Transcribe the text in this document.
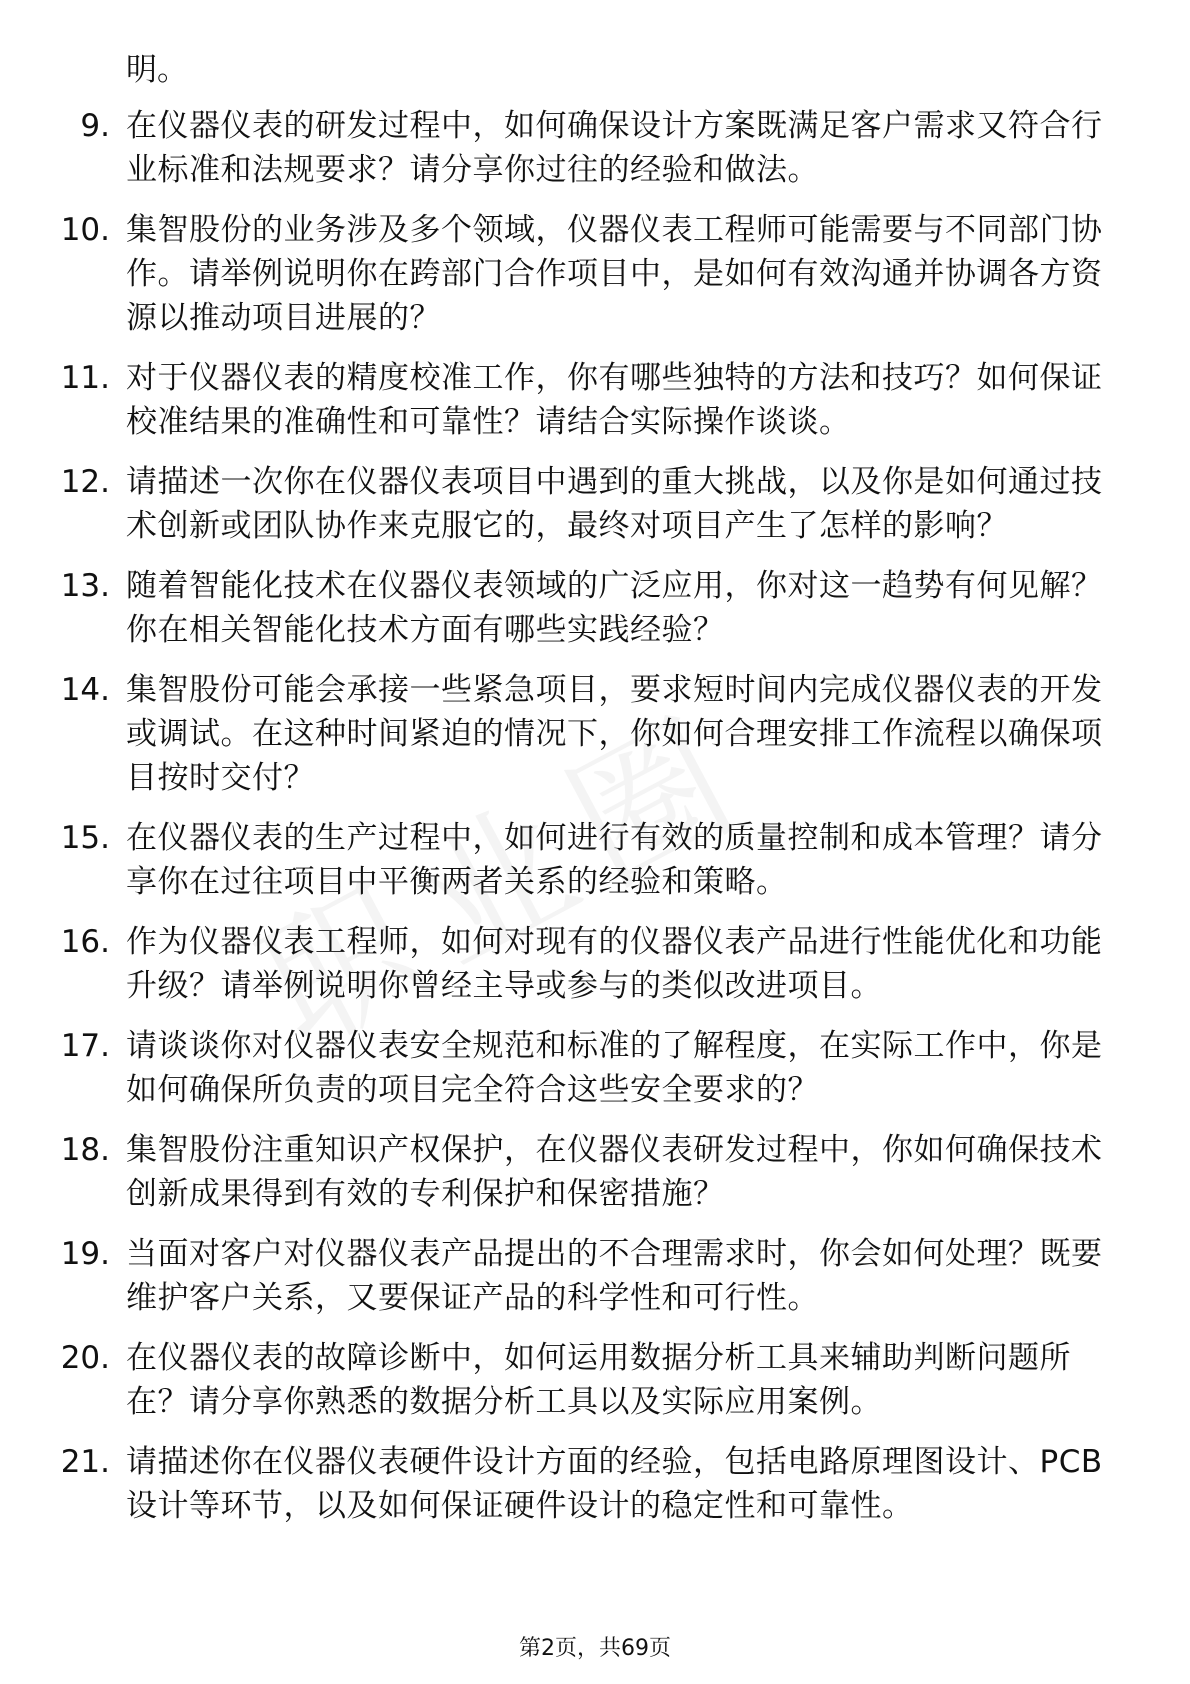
明。

9. 在仪器仪表的研发过程中，如何确保设计方案既满足客户需求又符合行业标准和法规要求？请分享你过往的经验和做法。
10. 集智股份的业务涉及多个领域，仪器仪表工程师可能需要与不同部门协作。请举例说明你在跨部门合作项目中，是如何有效沟通并协调各方资源以推动项目进展的？
11. 对于仪器仪表的精度校准工作，你有哪些独特的方法和技巧？如何保证校准结果的准确性和可靠性？请结合实际操作谈谈。
12. 请描述一次你在仪器仪表项目中遇到的重大挑战，以及你是如何通过技术创新或团队协作来克服它的，最终对项目产生了怎样的影响？
13. 随着智能化技术在仪器仪表领域的广泛应用，你对这一趋势有何见解？你在相关智能化技术方面有哪些实践经验？
14. 集智股份可能会承接一些紧急项目，要求短时间内完成仪器仪表的开发或调试。在这种时间紧迫的情况下，你如何合理安排工作流程以确保项目按时交付？
15. 在仪器仪表的生产过程中，如何进行有效的质量控制和成本管理？请分享你在过往项目中平衡两者关系的经验和策略。
16. 作为仪器仪表工程师，如何对现有的仪器仪表产品进行性能优化和功能升级？请举例说明你曾经主导或参与的类似改进项目。
17. 请谈谈你对仪器仪表安全规范和标准的了解程度，在实际工作中，你是如何确保所负责的项目完全符合这些安全要求的？
18. 集智股份注重知识产权保护，在仪器仪表研发过程中，你如何确保技术创新成果得到有效的专利保护和保密措施？
19. 当面对客户对仪器仪表产品提出的不合理需求时，你会如何处理？既要维护客户关系，又要保证产品的科学性和可行性。
20. 在仪器仪表的故障诊断中，如何运用数据分析工具来辅助判断问题所在？请分享你熟悉的数据分析工具以及实际应用案例。
21. 请描述你在仪器仪表硬件设计方面的经验，包括电路原理图设计、PCB设计等环节，以及如何保证硬件设计的稳定性和可靠性。
第2页，共69页
